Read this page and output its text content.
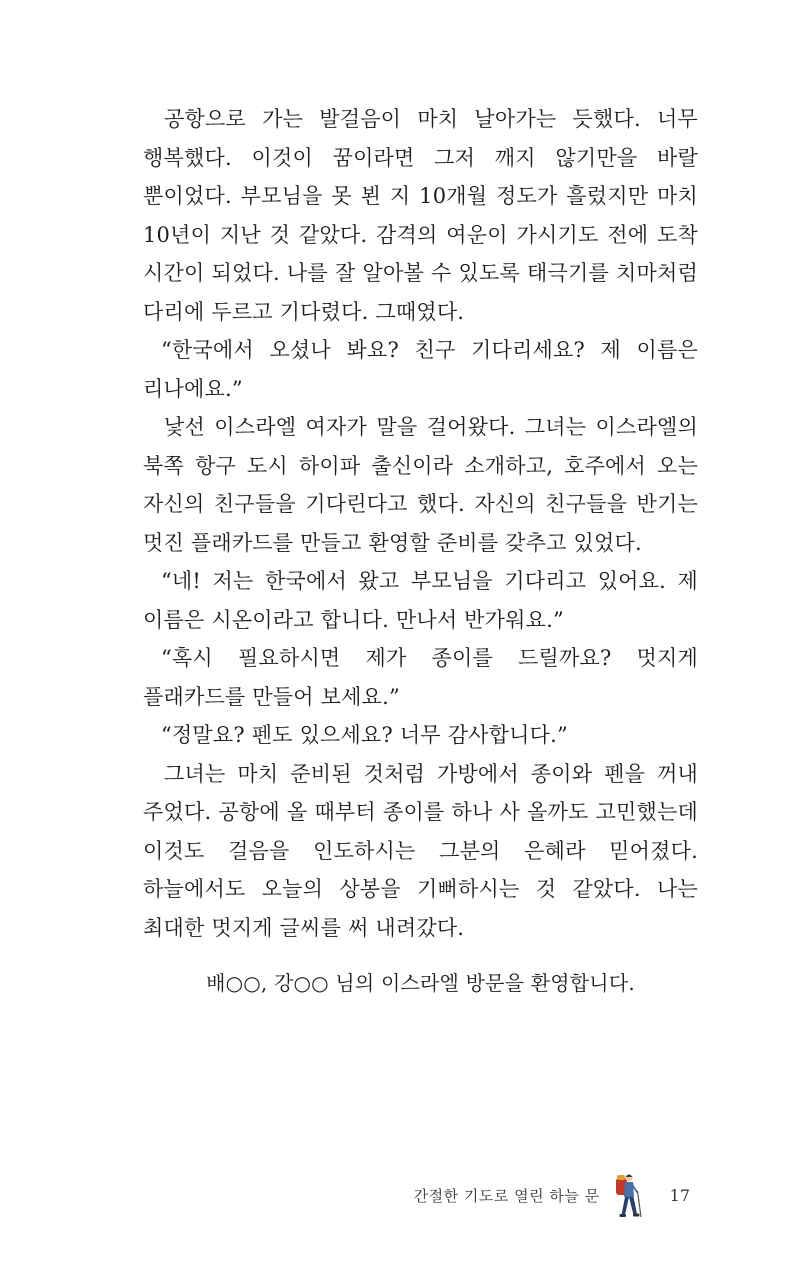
공항으로 가는 발걸음이 마치 날아가는 듯했다. 너무 행복했다. 이것이 꿈이라면 그저 깨지 않기만을 바랄 뿐이었다. 부모님을 못 뵌 지 10개월 정도가 흘렀지만 마치 10년이 지난 것 같았다. 감격의 여운이 가시기도 전에 도착 시간이 되었다. 나를 잘 알아볼 수 있도록 태극기를 치마처럼 다리에 두르고 기다렸다. 그때였다.

“한국에서 오셨나 봐요? 친구 기다리세요? 제 이름은 리나에요.”

낯선 이스라엘 여자가 말을 걸어왔다. 그녀는 이스라엘의 북쪽 항구 도시 하이파 출신이라 소개하고, 호주에서 오는 자신의 친구들을 기다린다고 했다. 자신의 친구들을 반기는 멋진 플래카드를 만들고 환영할 준비를 갖추고 있었다.

“네! 저는 한국에서 왔고 부모님을 기다리고 있어요. 제 이름은 시온이라고 합니다. 만나서 반가워요.”

“혹시 필요하시면 제가 종이를 드릴까요? 멋지게 플래카드를 만들어 보세요.”

“정말요? 펜도 있으세요? 너무 감사합니다.”

그녀는 마치 준비된 것처럼 가방에서 종이와 펜을 꺼내 주었다. 공항에 올 때부터 종이를 하나 사 올까도 고민했는데 이것도 걸음을 인도하시는 그분의 은혜라 믿어졌다. 하늘에서도 오늘의 상봉을 기뻐하시는 것 같았다. 나는 최대한 멋지게 글씨를 써 내려갔다.

배○○, 강○○ 님의 이스라엘 방문을 환영합니다.
간절한 기도로 열린 하늘 문	17
